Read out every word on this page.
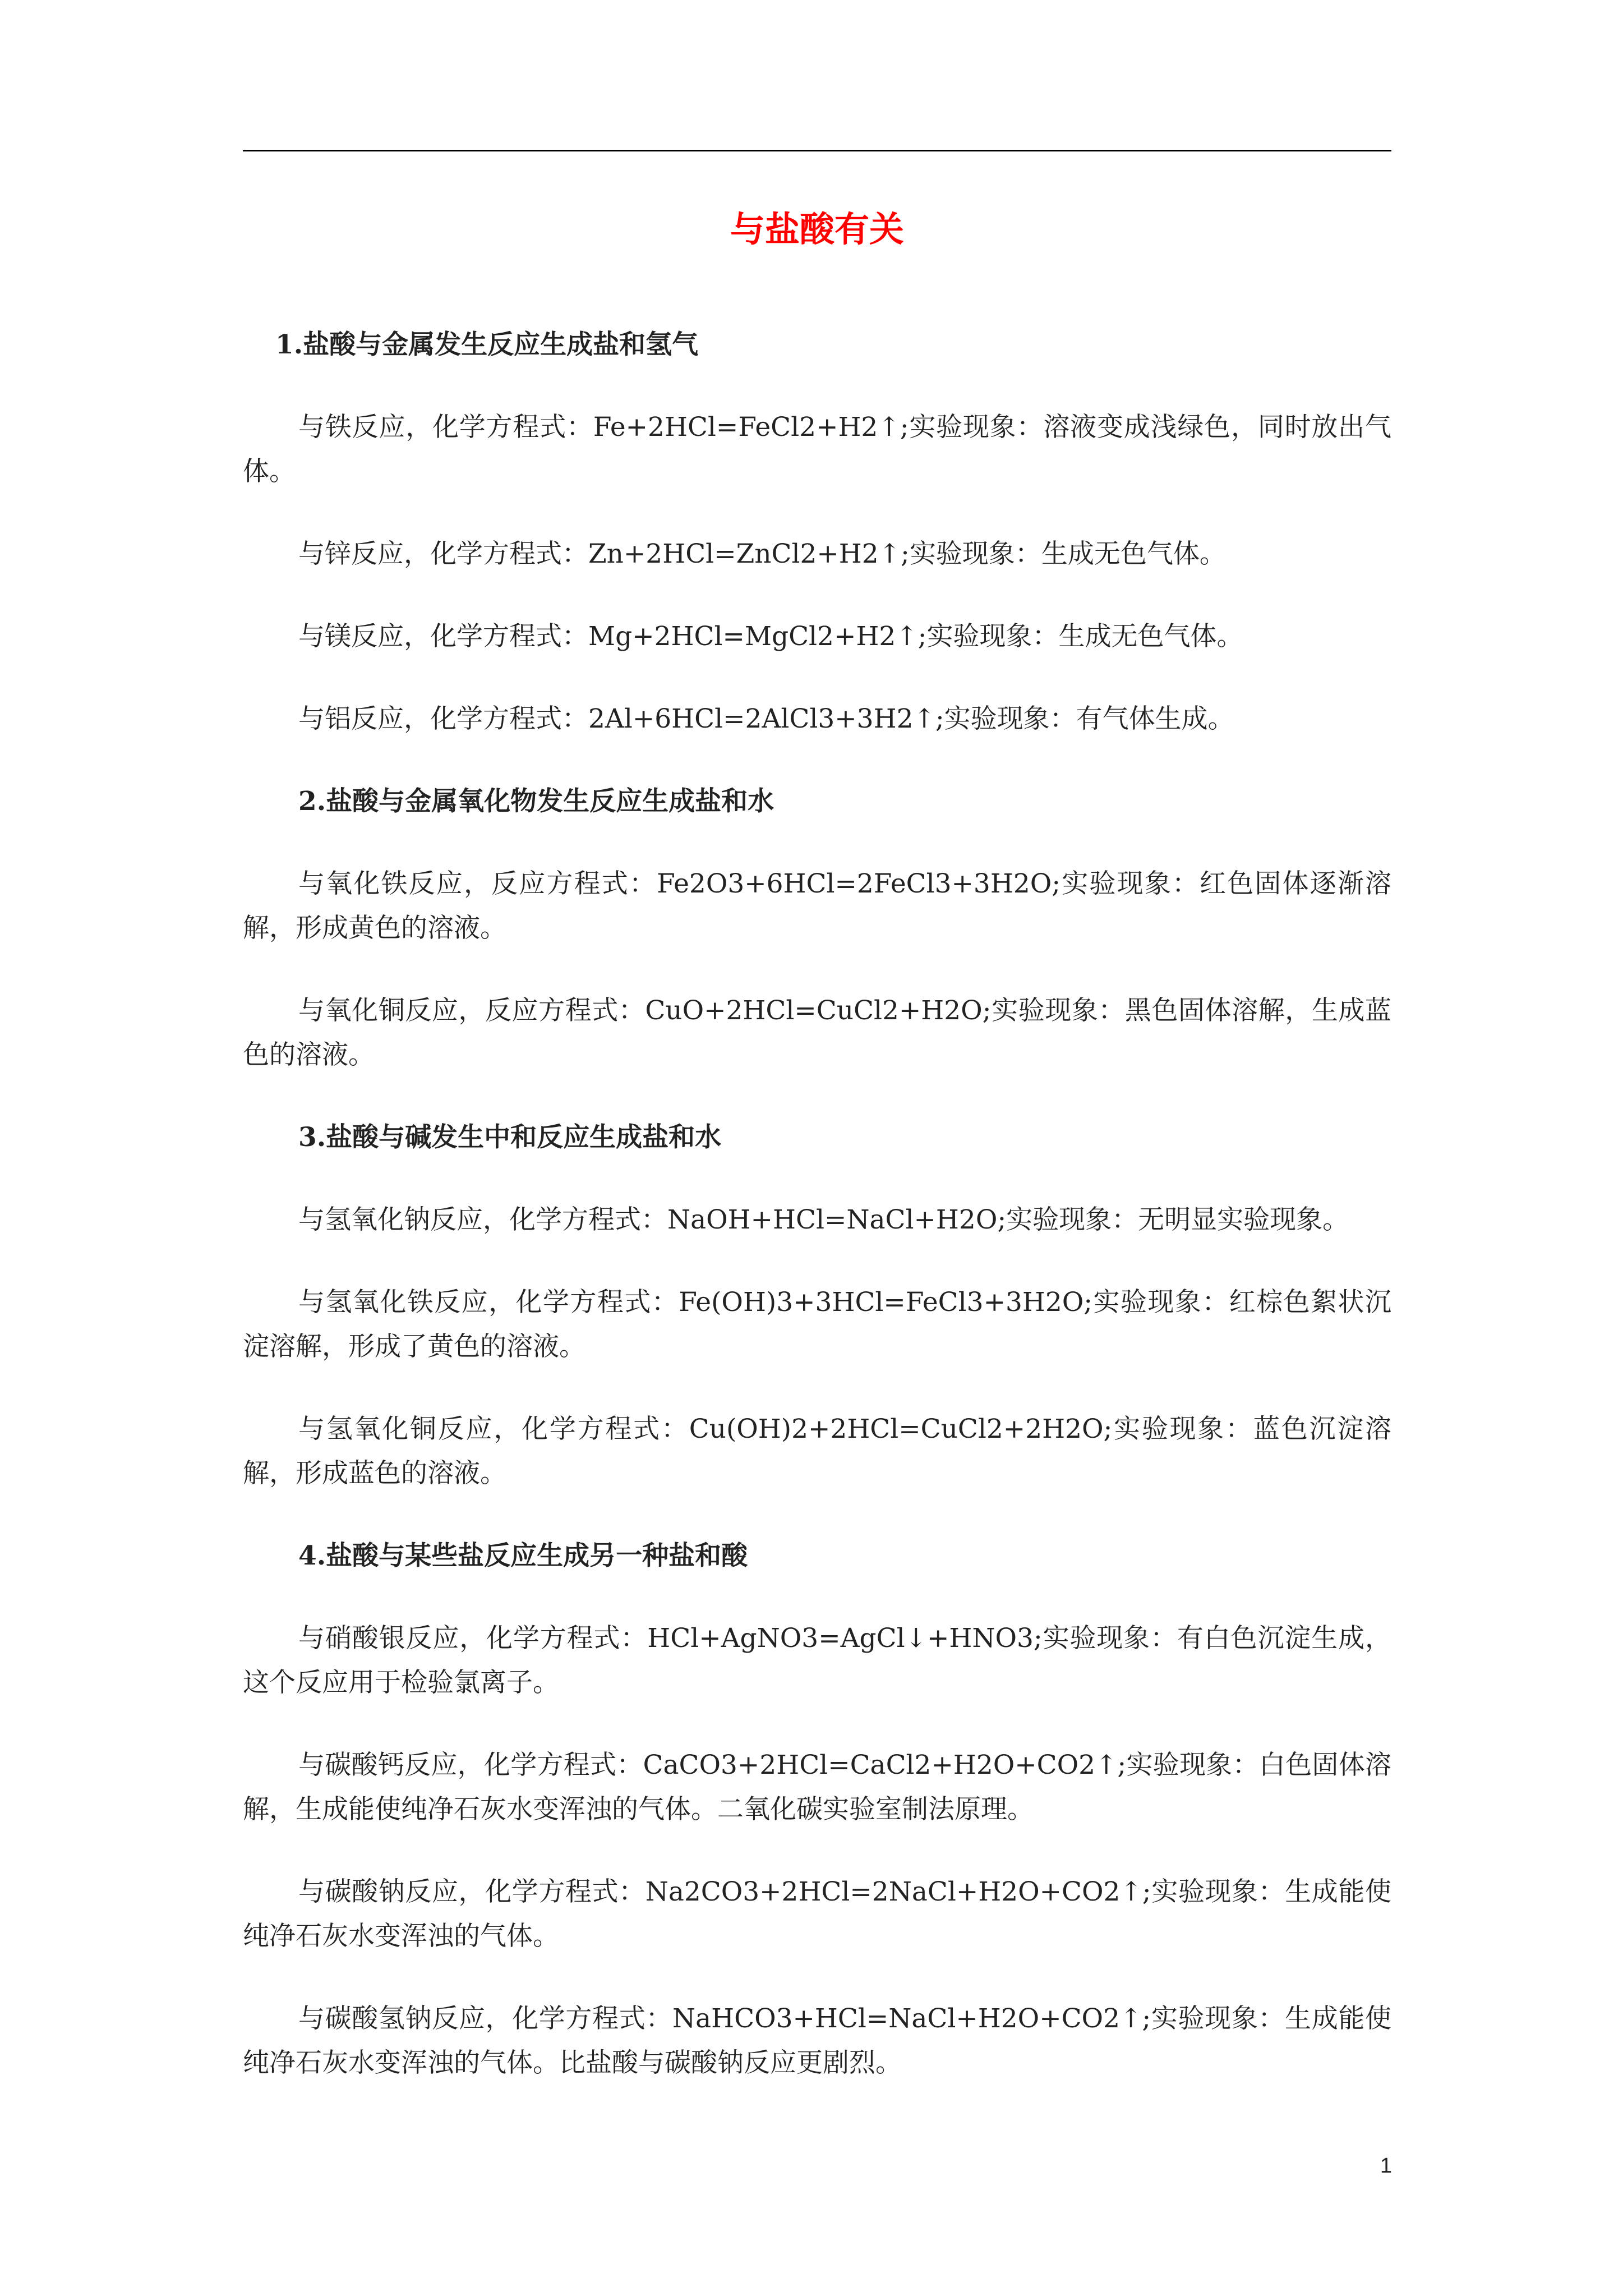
与盐酸有关

1.盐酸与金属发生反应生成盐和氢气

与铁反应，化学方程式：Fe+2HCl=FeCl2+H2↑;实验现象：溶液变成浅绿色，同时放出气体。

与锌反应，化学方程式：Zn+2HCl=ZnCl2+H2↑;实验现象：生成无色气体。

与镁反应，化学方程式：Mg+2HCl=MgCl2+H2↑;实验现象：生成无色气体。

与铝反应，化学方程式：2Al+6HCl=2AlCl3+3H2↑;实验现象：有气体生成。

2.盐酸与金属氧化物发生反应生成盐和水

与氧化铁反应，反应方程式：Fe2O3+6HCl=2FeCl3+3H2O;实验现象：红色固体逐渐溶解，形成黄色的溶液。

与氧化铜反应，反应方程式：CuO+2HCl=CuCl2+H2O;实验现象：黑色固体溶解，生成蓝色的溶液。

3.盐酸与碱发生中和反应生成盐和水

与氢氧化钠反应，化学方程式：NaOH+HCl=NaCl+H2O;实验现象：无明显实验现象。

与氢氧化铁反应，化学方程式：Fe(OH)3+3HCl=FeCl3+3H2O;实验现象：红棕色絮状沉淀溶解，形成了黄色的溶液。

与氢氧化铜反应，化学方程式：Cu(OH)2+2HCl=CuCl2+2H2O;实验现象：蓝色沉淀溶解，形成蓝色的溶液。

4.盐酸与某些盐反应生成另一种盐和酸

与硝酸银反应，化学方程式：HCl+AgNO3=AgCl↓+HNO3;实验现象：有白色沉淀生成，这个反应用于检验氯离子。

与碳酸钙反应，化学方程式：CaCO3+2HCl=CaCl2+H2O+CO2↑;实验现象：白色固体溶解，生成能使纯净石灰水变浑浊的气体。二氧化碳实验室制法原理。

与碳酸钠反应，化学方程式：Na2CO3+2HCl=2NaCl+H2O+CO2↑;实验现象：生成能使纯净石灰水变浑浊的气体。

与碳酸氢钠反应，化学方程式：NaHCO3+HCl=NaCl+H2O+CO2↑;实验现象：生成能使纯净石灰水变浑浊的气体。比盐酸与碳酸钠反应更剧烈。

1
